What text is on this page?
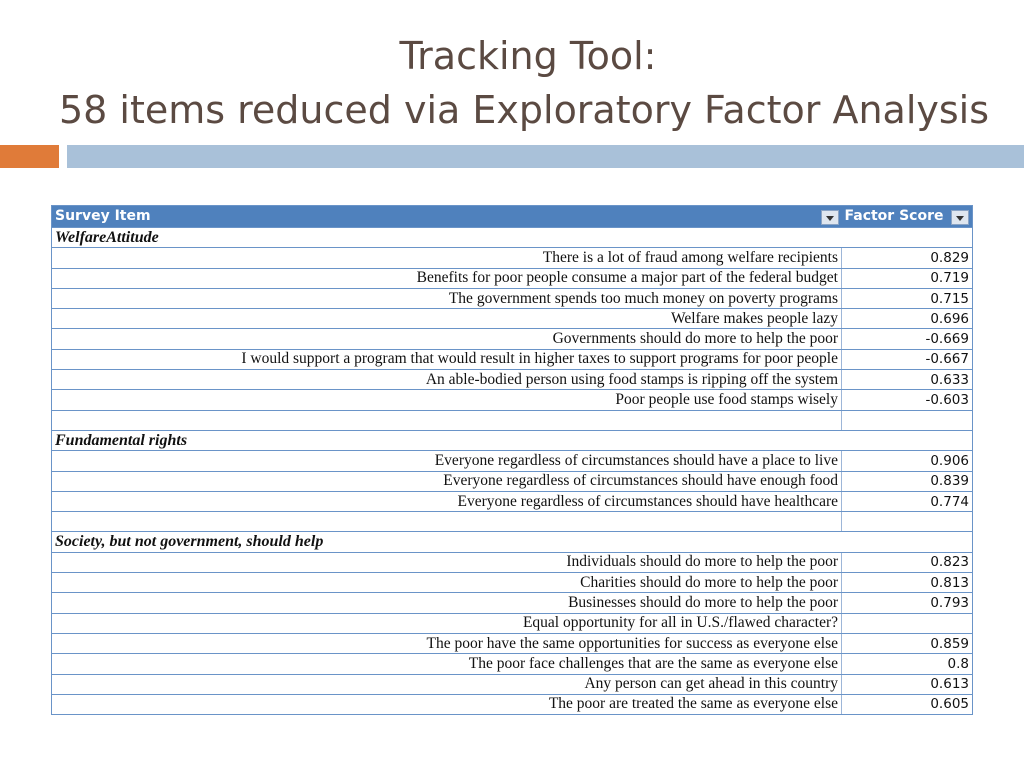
Tracking Tool:
58 items reduced via Exploratory Factor Analysis
Survey Item	Factor Score

WelfareAttitude	
There is a lot of fraud among welfare recipients	0.829
Benefits for poor people consume a major part of the federal budget	0.719
The government spends too much money on poverty programs	0.715
Welfare makes people lazy	0.696
Governments should do more to help the poor	-0.669
I would support a program that would result in higher taxes to support programs for poor people	-0.667
An able-bodied person using food stamps is ripping off the system	0.633
Poor people use food stamps wisely	-0.603

Fundamental rights	
Everyone regardless of circumstances should have a place to live	0.906
Everyone regardless of circumstances should have enough food	0.839
Everyone regardless of circumstances should have healthcare	0.774

Society, but not government, should help	
Individuals should do more to help the poor	0.823
Charities should do more to help the poor	0.813
Businesses should do more to help the poor	0.793
Equal opportunity for all in U.S./flawed character?	
The poor have the same opportunities for success as everyone else	0.859
The poor face challenges that are the same as everyone else	0.8
Any person can get ahead in this country	0.613
The poor are treated the same as everyone else	0.605
